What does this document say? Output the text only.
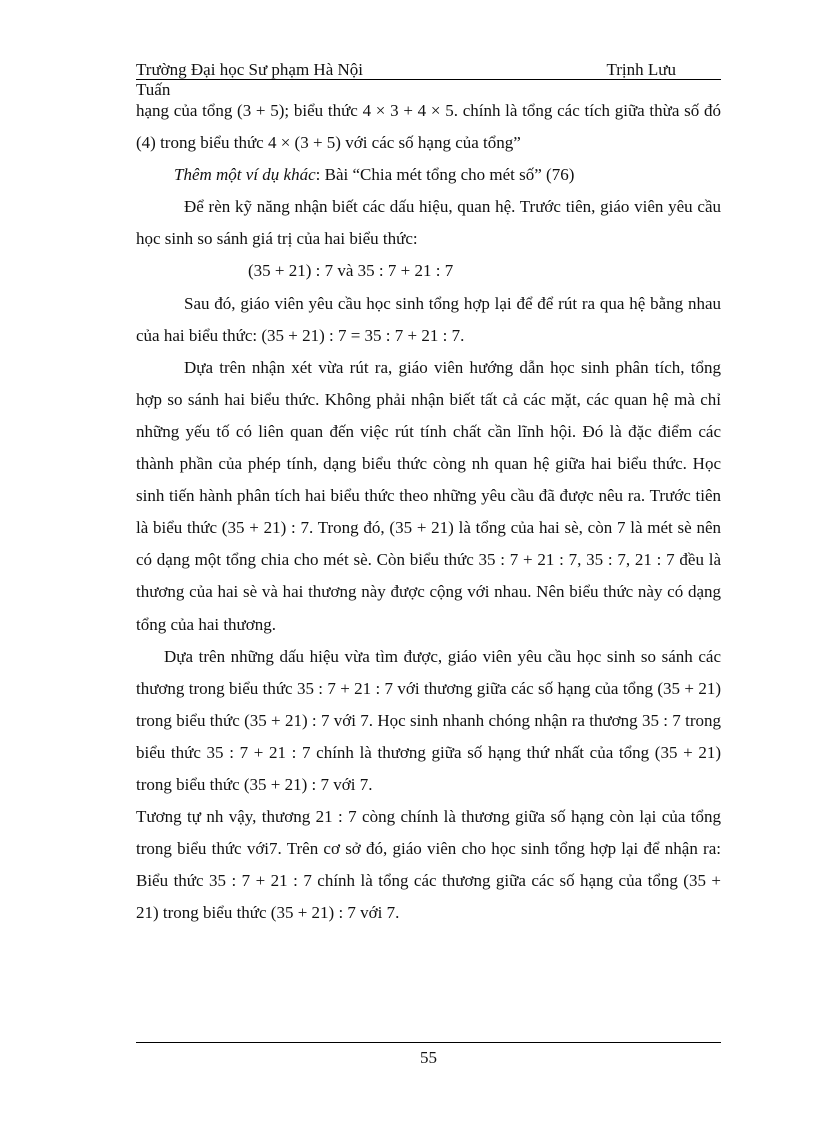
Trường Đại học Sư phạm Hà Nội	Trịnh Lưu
Tuấn

hạng của tổng (3 + 5); biểu thức 4 × 3 + 4 × 5. chính là tổng các tích giữa thừa số đó (4) trong biểu thức 4 × (3 + 5) với các số hạng của tổng”

Thêm một ví dụ khác: Bài “Chia mét tổng cho mét số” (76)

Để rèn kỹ năng nhận biết các dấu hiệu, quan hệ. Trước tiên, giáo viên yêu cầu học sinh so sánh giá trị của hai biểu thức:

(35 + 21) : 7 và 35 : 7 + 21 : 7

Sau đó, giáo viên yêu cầu học sinh tổng hợp lại để để rút ra qua hệ bằng nhau của hai biểu thức: (35 + 21) : 7 = 35 : 7 + 21 : 7.

Dựa trên nhận xét vừa rút ra, giáo viên hướng dẫn học sinh phân tích, tổng hợp so sánh hai biểu thức. Không phải nhận biết tất cả các mặt, các quan hệ mà chỉ những yếu tố có liên quan đến việc rút tính chất cần lĩnh hội. Đó là đặc điểm các thành phần của phép tính, dạng biểu thức còng nh quan hệ giữa hai biểu thức. Học sinh tiến hành phân tích hai biểu thức theo những yêu cầu đã được nêu ra. Trước tiên là biểu thức (35 + 21) : 7. Trong đó, (35 + 21) là tổng của hai sè, còn 7 là mét sè nên có dạng một tổng chia cho mét sè. Còn biểu thức 35 : 7 + 21 : 7, 35 : 7, 21 : 7 đều là thương của hai sè và hai thương này được cộng với nhau. Nên biểu thức này có dạng tổng của hai thương.

Dựa trên những dấu hiệu vừa tìm được, giáo viên yêu cầu học sinh so sánh các thương trong biểu thức 35 : 7 + 21 : 7 với thương giữa các số hạng của tổng (35 + 21) trong biểu thức (35 + 21) : 7 với 7. Học sinh nhanh chóng nhận ra thương 35 : 7 trong biểu thức 35 : 7 + 21 : 7 chính là thương giữa số hạng thứ nhất của tổng (35 + 21) trong biểu thức (35 + 21) : 7 với 7.

Tương tự nh vậy, thương 21 : 7 còng chính là thương giữa số hạng còn lại của tổng trong biểu thức với7. Trên cơ sở đó, giáo viên cho học sinh tổng hợp lại để nhận ra: Biểu thức 35 : 7 + 21 : 7 chính là tổng các thương giữa các số hạng của tổng (35 + 21) trong biểu thức (35 + 21) : 7 với 7.

55
